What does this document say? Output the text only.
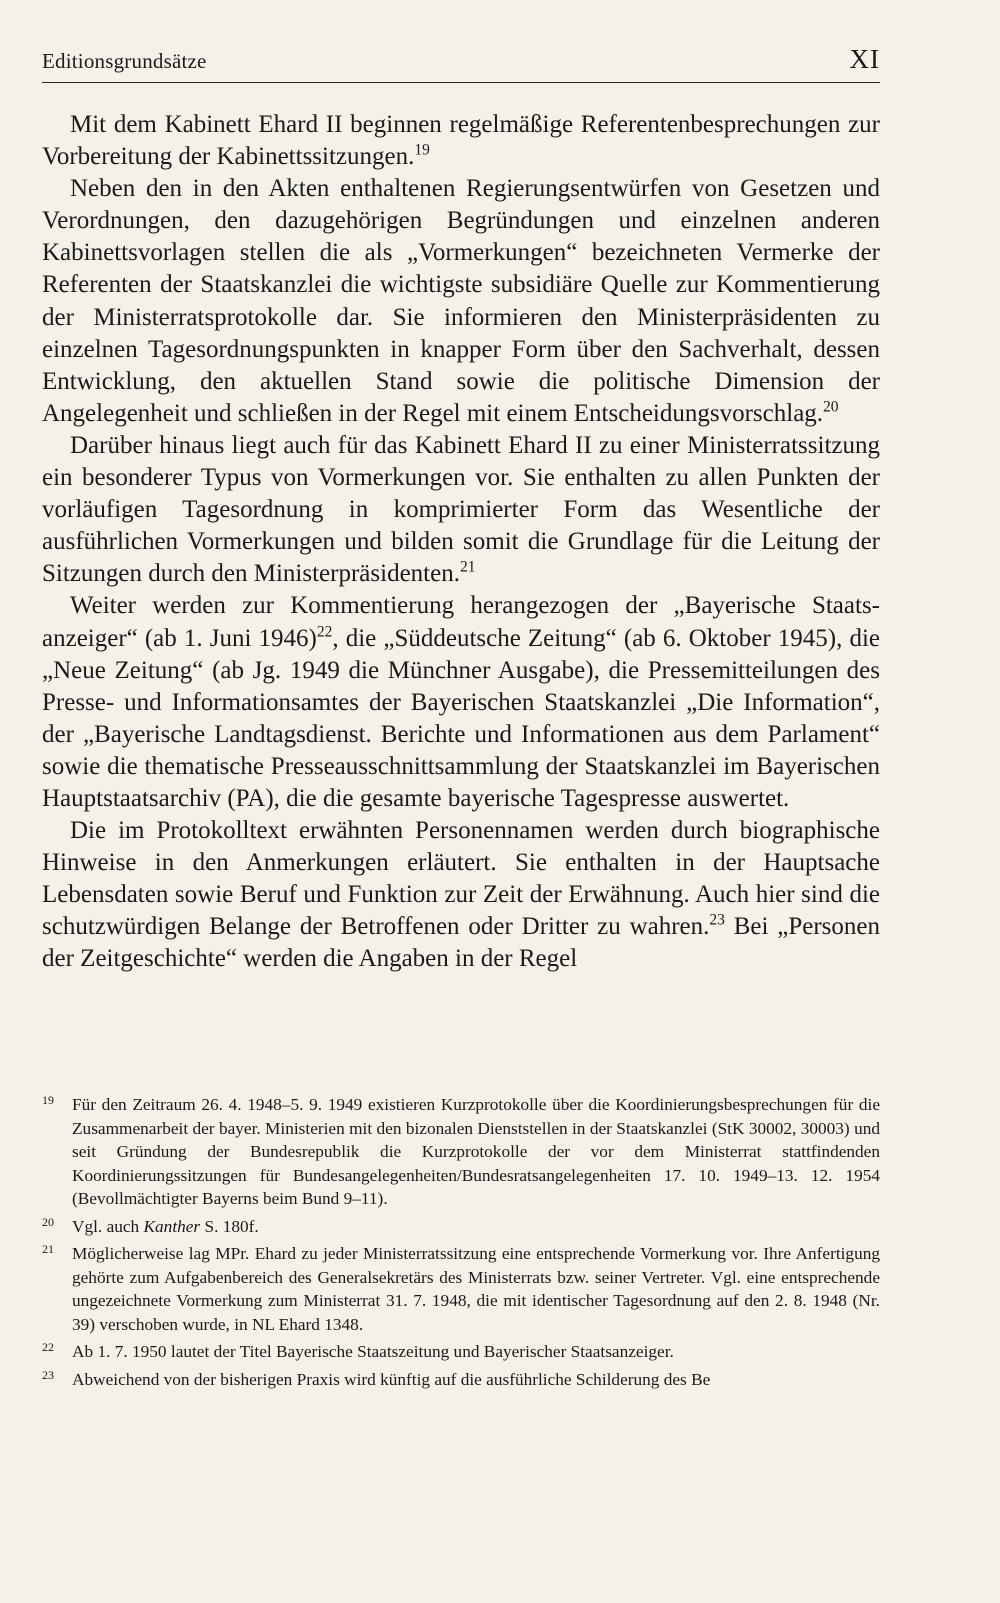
Editionsgrundsätze	XI

Mit dem Kabinett Ehard II beginnen regelmäßige Referentenbesprechungen zur Vorbereitung der Kabinettssitzungen.$^{19}$

Neben den in den Akten enthaltenen Regierungsentwürfen von Gesetzen und Verordnungen, den dazugehörigen Begründungen und einzelnen anderen Kabinettsvorlagen stellen die als „Vormerkungen“ bezeichneten Vermerke der Referenten der Staatskanzlei die wichtigste subsidiäre Quelle zur Kommentierung der Ministerratsprotokolle dar. Sie informieren den Ministerpräsidenten zu einzelnen Tagesordnungspunkten in knapper Form über den Sachverhalt, dessen Entwicklung, den aktuellen Stand sowie die politische Dimension der Angelegenheit und schließen in der Regel mit einem Entscheidungsvorschlag.$^{20}$

Darüber hinaus liegt auch für das Kabinett Ehard II zu einer Ministerratssitzung ein besonderer Typus von Vormerkungen vor. Sie enthalten zu allen Punkten der vorläufigen Tagesordnung in komprimierter Form das Wesentliche der ausführlichen Vormerkungen und bilden somit die Grundlage für die Leitung der Sitzungen durch den Ministerpräsidenten.$^{21}$

Weiter werden zur Kommentierung herangezogen der „Bayerische Staatsanzeiger“ (ab 1. Juni 1946)$^{22}$, die „Süddeutsche Zeitung“ (ab 6. Oktober 1945), die „Neue Zeitung“ (ab Jg. 1949 die Münchner Ausgabe), die Pressemitteilungen des Presse- und Informationsamtes der Bayerischen Staatskanzlei „Die Information“, der „Bayerische Landtagsdienst. Berichte und Informationen aus dem Parlament“ sowie die thematische Presseausschnittsammlung der Staatskanzlei im Bayerischen Hauptstaatsarchiv (PA), die die gesamte bayerische Tagespresse auswertet.

Die im Protokolltext erwähnten Personennamen werden durch biographische Hinweise in den Anmerkungen erläutert. Sie enthalten in der Hauptsache Lebensdaten sowie Beruf und Funktion zur Zeit der Erwähnung. Auch hier sind die schutzwürdigen Belange der Betroffenen oder Dritter zu wahren.$^{23}$ Bei „Personen der Zeitgeschichte“ werden die Angaben in der Regel

19 Für den Zeitraum 26. 4. 1948–5. 9. 1949 existieren Kurzprotokolle über die Koordinierungsbesprechungen für die Zusammenarbeit der bayer. Ministerien mit den bizonalen Dienststellen in der Staatskanzlei (StK 30002, 30003) und seit Gründung der Bundesrepublik die Kurzprotokolle der vor dem Ministerrat stattfindenden Koordinierungssitzungen für Bundesangelegenheiten/Bundesratsangelegenheiten 17. 10. 1949–13. 12. 1954 (Bevollmächtigter Bayerns beim Bund 9–11).
20 Vgl. auch Kanther S. 180f.
21 Möglicherweise lag MPr. Ehard zu jeder Ministerratssitzung eine entsprechende Vormerkung vor. Ihre Anfertigung gehörte zum Aufgabenbereich des Generalsekretärs des Ministerrats bzw. seiner Vertreter. Vgl. eine entsprechende ungezeichnete Vormerkung zum Ministerrat 31. 7. 1948, die mit identischer Tagesordnung auf den 2. 8. 1948 (Nr. 39) verschoben wurde, in NL Ehard 1348.
22 Ab 1. 7. 1950 lautet der Titel Bayerische Staatszeitung und Bayerischer Staatsanzeiger.
23 Abweichend von der bisherigen Praxis wird künftig auf die ausführliche Schilderung des Be
